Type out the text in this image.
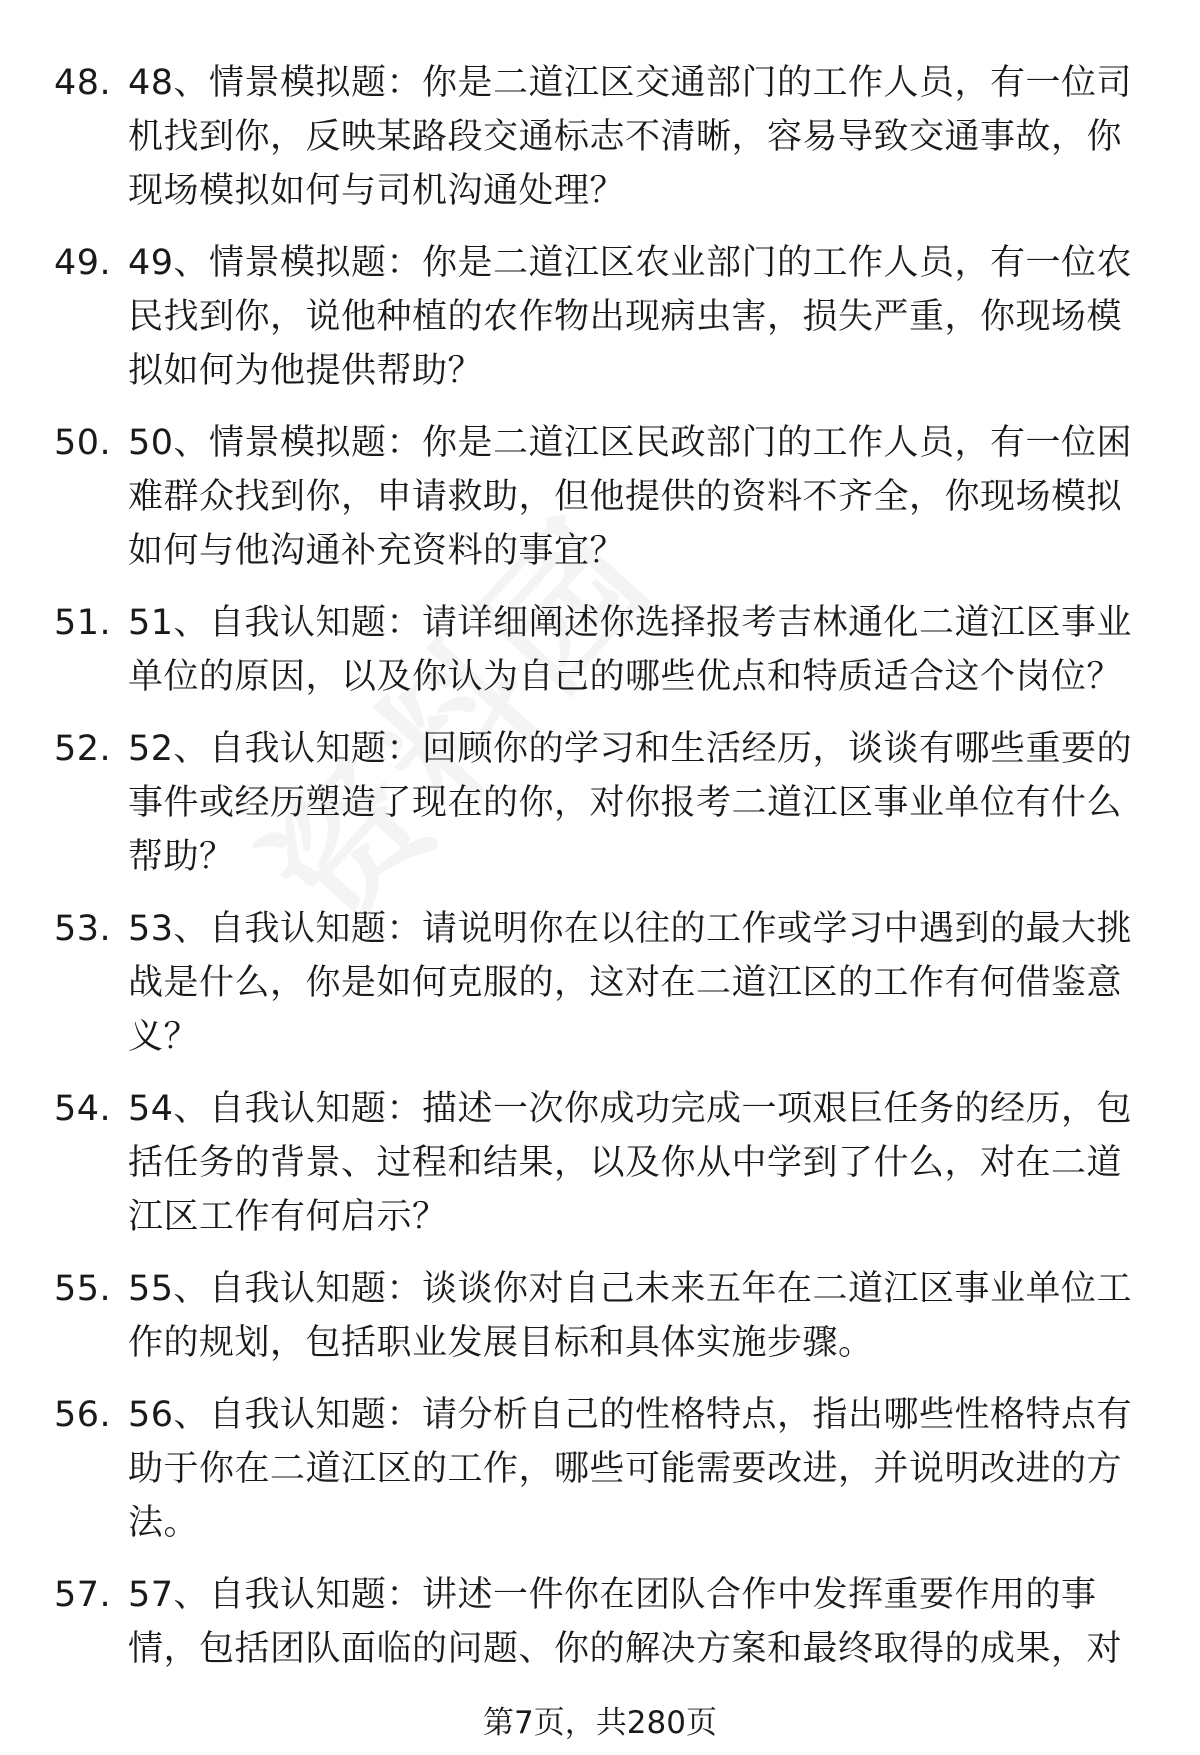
48. 48、情景模拟题：你是二道江区交通部门的工作人员，有一位司机找到你，反映某路段交通标志不清晰，容易导致交通事故，你现场模拟如何与司机沟通处理？
49. 49、情景模拟题：你是二道江区农业部门的工作人员，有一位农民找到你，说他种植的农作物出现病虫害，损失严重，你现场模拟如何为他提供帮助？
50. 50、情景模拟题：你是二道江区民政部门的工作人员，有一位困难群众找到你，申请救助，但他提供的资料不齐全，你现场模拟如何与他沟通补充资料的事宜？
51. 51、自我认知题：请详细阐述你选择报考吉林通化二道江区事业单位的原因，以及你认为自己的哪些优点和特质适合这个岗位？
52. 52、自我认知题：回顾你的学习和生活经历，谈谈有哪些重要的事件或经历塑造了现在的你，对你报考二道江区事业单位有什么帮助？
53. 53、自我认知题：请说明你在以往的工作或学习中遇到的最大挑战是什么，你是如何克服的，这对在二道江区的工作有何借鉴意义？
54. 54、自我认知题：描述一次你成功完成一项艰巨任务的经历，包括任务的背景、过程和结果，以及你从中学到了什么，对在二道江区工作有何启示？
55. 55、自我认知题：谈谈你对自己未来五年在二道江区事业单位工作的规划，包括职业发展目标和具体实施步骤。
56. 56、自我认知题：请分析自己的性格特点，指出哪些性格特点有助于你在二道江区的工作，哪些可能需要改进，并说明改进的方法。
57. 57、自我认知题：讲述一件你在团队合作中发挥重要作用的事情，包括团队面临的问题、你的解决方案和最终取得的成果，对
第7页，共280页
